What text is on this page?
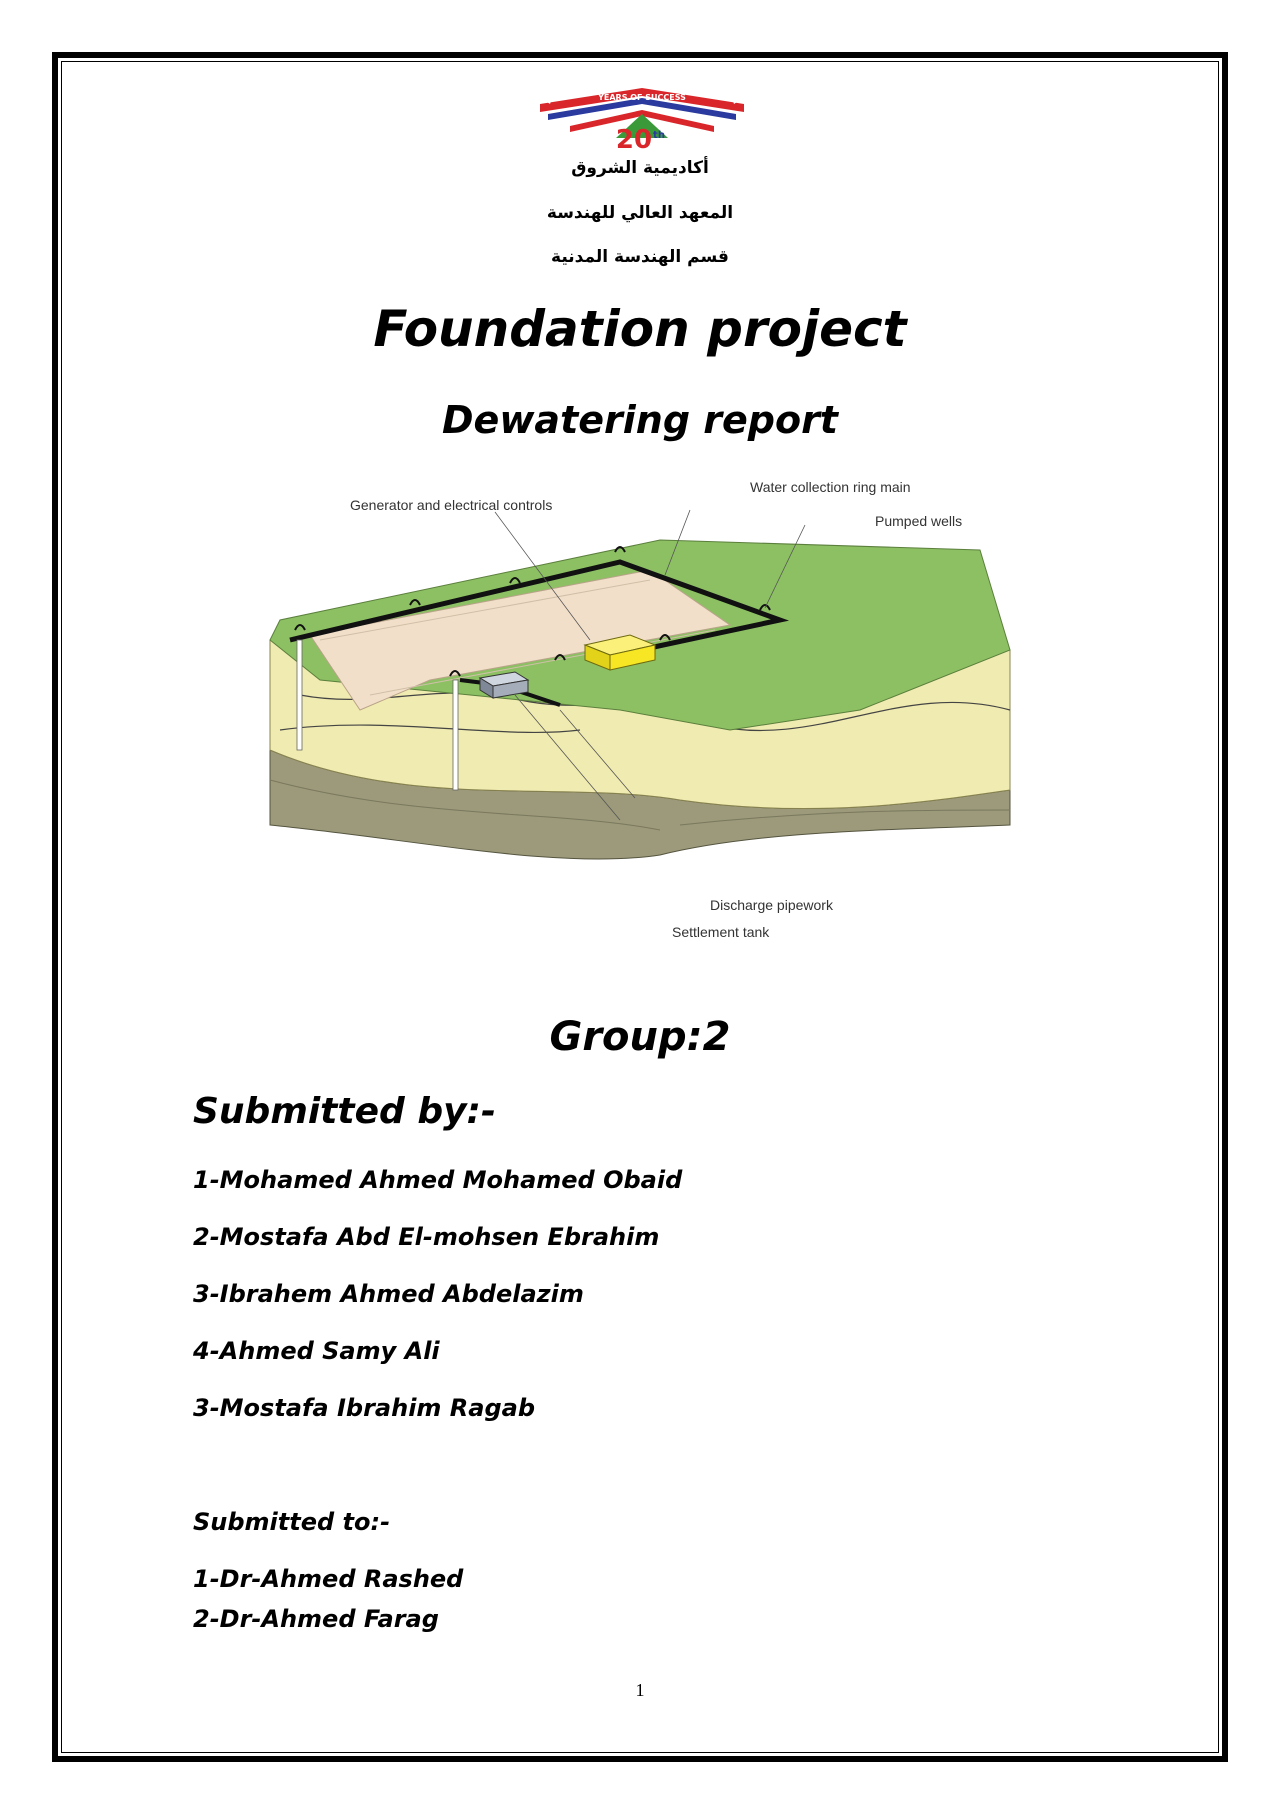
YEARS OF SUCCESS
20 th
أكاديمية الشروق
المعهد العالي للهندسة
قسم الهندسة المدنية
Foundation project
Dewatering report
Generator and electrical controls
Water collection ring main
Pumped wells
Discharge pipework
Settlement tank
Group:2
Submitted by:-
1-Mohamed Ahmed Mohamed Obaid
2-Mostafa Abd El-mohsen Ebrahim
3-Ibrahem Ahmed Abdelazim
4-Ahmed Samy Ali
3-Mostafa Ibrahim Ragab
Submitted to:-
1-Dr-Ahmed Rashed
2-Dr-Ahmed Farag
1
